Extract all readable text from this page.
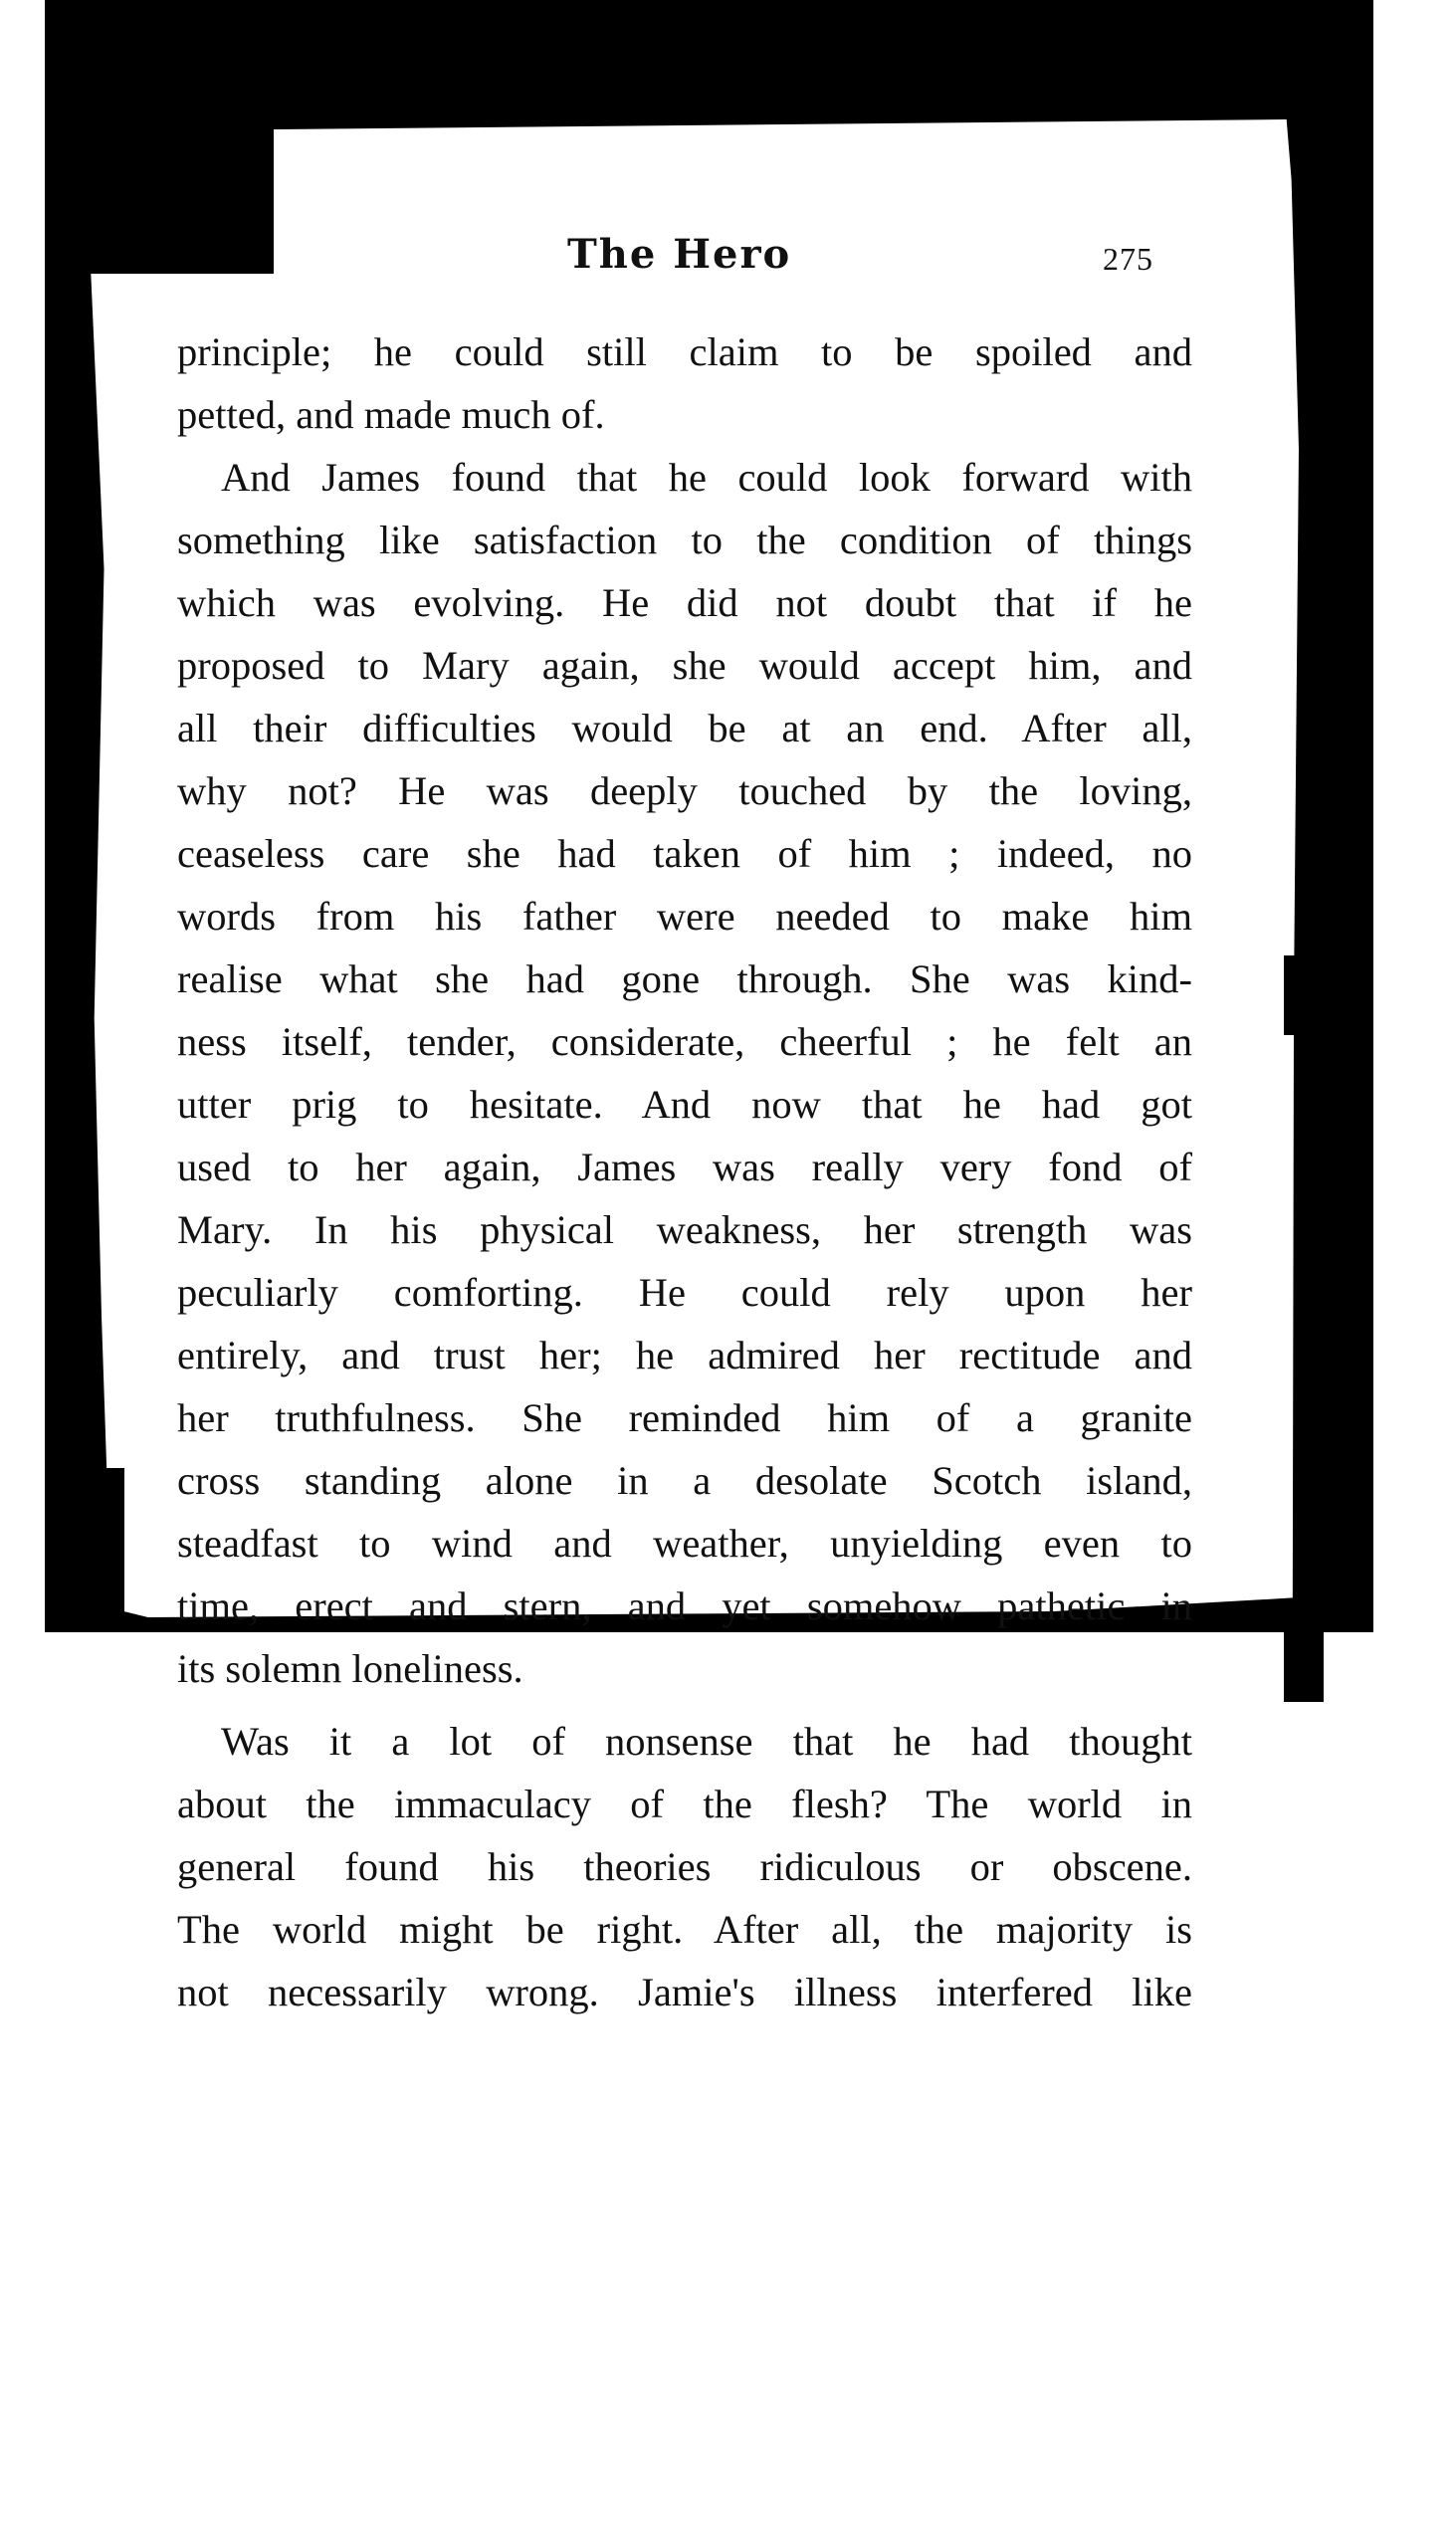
The Hero	275
principle; he could still claim to be spoiled and
petted, and made much of.
And James found that he could look forward with
something like satisfaction to the condition of things
which was evolving. He did not doubt that if he
proposed to Mary again, she would accept him, and
all their difficulties would be at an end. After all,
why not? He was deeply touched by the loving,
ceaseless care she had taken of him ; indeed, no
words from his father were needed to make him
realise what she had gone through. She was kind-
ness itself, tender, considerate, cheerful ; he felt an
utter prig to hesitate. And now that he had got
used to her again, James was really very fond of
Mary. In his physical weakness, her strength was
peculiarly comforting. He could rely upon her
entirely, and trust her; he admired her rectitude and
her truthfulness. She reminded him of a granite
cross standing alone in a desolate Scotch island,
steadfast to wind and weather, unyielding even to
time, erect and stern, and yet somehow pathetic in
its solemn loneliness.
Was it a lot of nonsense that he had thought
about the immaculacy of the flesh? The world in
general found his theories ridiculous or obscene.
The world might be right. After all, the majority is
not necessarily wrong. Jamie's illness interfered like
